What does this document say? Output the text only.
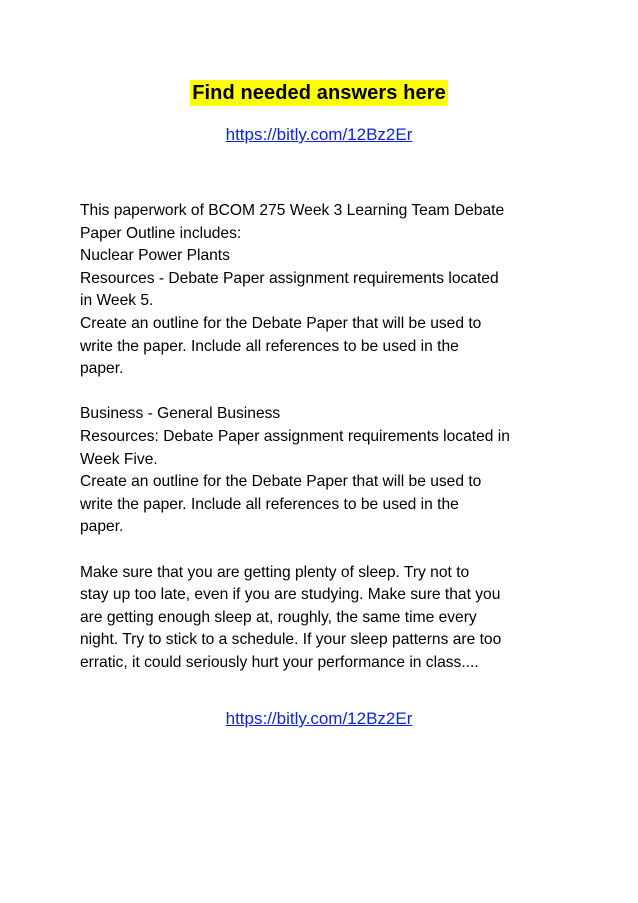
Find needed answers here
https://bitly.com/12Bz2Er

This paperwork of BCOM 275 Week 3 Learning Team Debate
Paper Outline includes:
Nuclear Power Plants
Resources - Debate Paper assignment requirements located
in Week 5.
Create an outline for the Debate Paper that will be used to
write the paper. Include all references to be used in the
paper.

Business - General Business
Resources: Debate Paper assignment requirements located in
Week Five.
Create an outline for the Debate Paper that will be used to
write the paper. Include all references to be used in the
paper.

Make sure that you are getting plenty of sleep. Try not to
stay up too late, even if you are studying. Make sure that you
are getting enough sleep at, roughly, the same time every
night. Try to stick to a schedule. If your sleep patterns are too
erratic, it could seriously hurt your performance in class....

https://bitly.com/12Bz2Er
